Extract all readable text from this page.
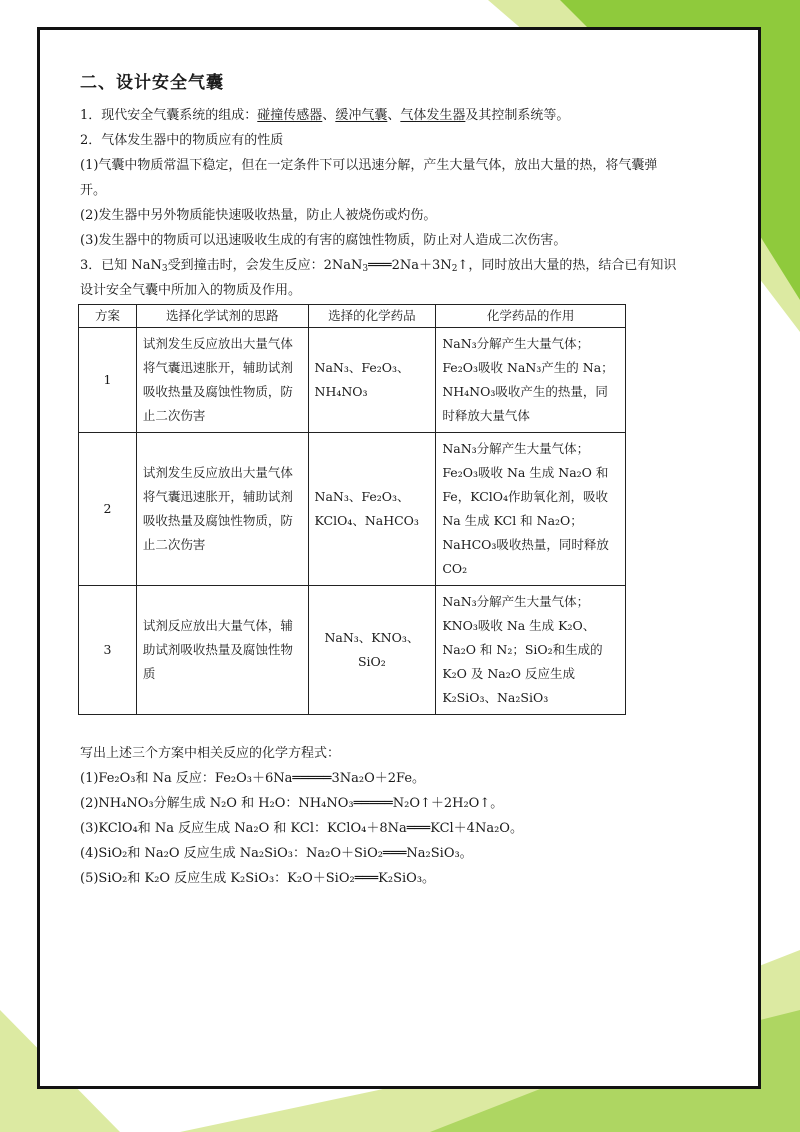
二、设计安全气囊

1．现代安全气囊系统的组成：碰撞传感器、缓冲气囊、气体发生器及其控制系统等。

2．气体发生器中的物质应有的性质

(1)气囊中物质常温下稳定，但在一定条件下可以迅速分解，产生大量气体，放出大量的热，将气囊弹开。

(2)发生器中另外物质能快速吸收热量，防止人被烧伤或灼伤。

(3)发生器中的物质可以迅速吸收生成的有害的腐蚀性物质，防止对人造成二次伤害。

3．已知 NaN$_3$受到撞击时，会发生反应：$2NaN_3═══2Na+3N_2↑$，同时放出大量的热，结合已有知识设计安全气囊中所加入的物质及作用。

方案	选择化学试剂的思路	选择的化学药品	化学药品的作用
1	试剂发生反应放出大量气体将气囊迅速胀开，辅助试剂吸收热量及腐蚀性物质，防止二次伤害	NaN₃、Fe₂O₃、NH₄NO₃	NaN₃分解产生大量气体；Fe₂O₃吸收 NaN₃产生的 Na；NH₄NO₃吸收产生的热量，同时释放大量气体
2	试剂发生反应放出大量气体将气囊迅速胀开，辅助试剂吸收热量及腐蚀性物质，防止二次伤害	NaN₃、Fe₂O₃、KClO₄、NaHCO₃	NaN₃分解产生大量气体；Fe₂O₃吸收 Na 生成 Na₂O 和 Fe，KClO₄作助氧化剂，吸收 Na 生成 KCl 和 Na₂O；NaHCO₃吸收热量，同时释放 CO₂
3	试剂反应放出大量气体，辅助试剂吸收热量及腐蚀性物质	NaN₃、KNO₃、SiO₂	NaN₃分解产生大量气体；KNO₃吸收 Na 生成 K₂O、Na₂O 和 N₂；SiO₂和生成的 K₂O 及 Na₂O 反应生成 K₂SiO₃、Na₂SiO₃

写出上述三个方案中相关反应的化学方程式：

(1)Fe₂O₃和 Na 反应：Fe₂O₃＋6Na═════3Na₂O＋2Fe。

(2)NH₄NO₃分解生成 N₂O 和 H₂O：NH₄NO₃═════N₂O↑＋2H₂O↑。

(3)KClO₄和 Na 反应生成 Na₂O 和 KCl：KClO₄＋8Na═══KCl＋4Na₂O。

(4)SiO₂和 Na₂O 反应生成 Na₂SiO₃：Na₂O＋SiO₂═══Na₂SiO₃。

(5)SiO₂和 K₂O 反应生成 K₂SiO₃：K₂O＋SiO₂═══K₂SiO₃。
